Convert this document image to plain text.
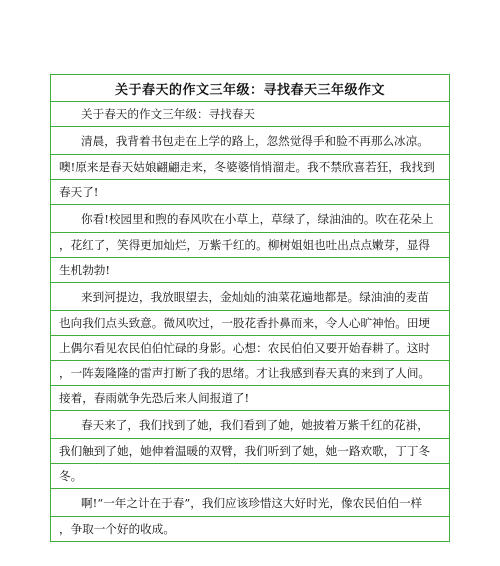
关于春天的作文三年级：寻找春天三年级作文
关于春天的作文三年级：寻找春天
清晨，我背着书包走在上学的路上，忽然觉得手和脸不再那么冰凉。
噢!原来是春天姑娘翩翩走来，冬婆婆悄悄溜走。我不禁欣喜若狂，我找到
春天了!
你看!校园里和煦的春风吹在小草上，草绿了，绿油油的。吹在花朵上
，花红了，笑得更加灿烂，万紫千红的。柳树姐姐也吐出点点嫩芽，显得
生机勃勃!
来到河提边，我放眼望去，金灿灿的油菜花遍地都是。绿油油的麦苗
也向我们点头致意。微风吹过，一股花香扑鼻而来，令人心旷神怡。田埂
上偶尔看见农民伯伯忙碌的身影。心想：农民伯伯又要开始春耕了。这时
，一阵轰隆隆的雷声打断了我的思绪。才让我感到春天真的来到了人间。
接着，春雨就争先恐后来人间报道了!
春天来了，我们找到了她，我们看到了她，她披着万紫千红的花褂，
我们触到了她，她伸着温暖的双臂，我们听到了她，她一路欢歌，丁丁冬
冬。
啊!“一年之计在于春”，我们应该珍惜这大好时光，像农民伯伯一样
，争取一个好的收成。
